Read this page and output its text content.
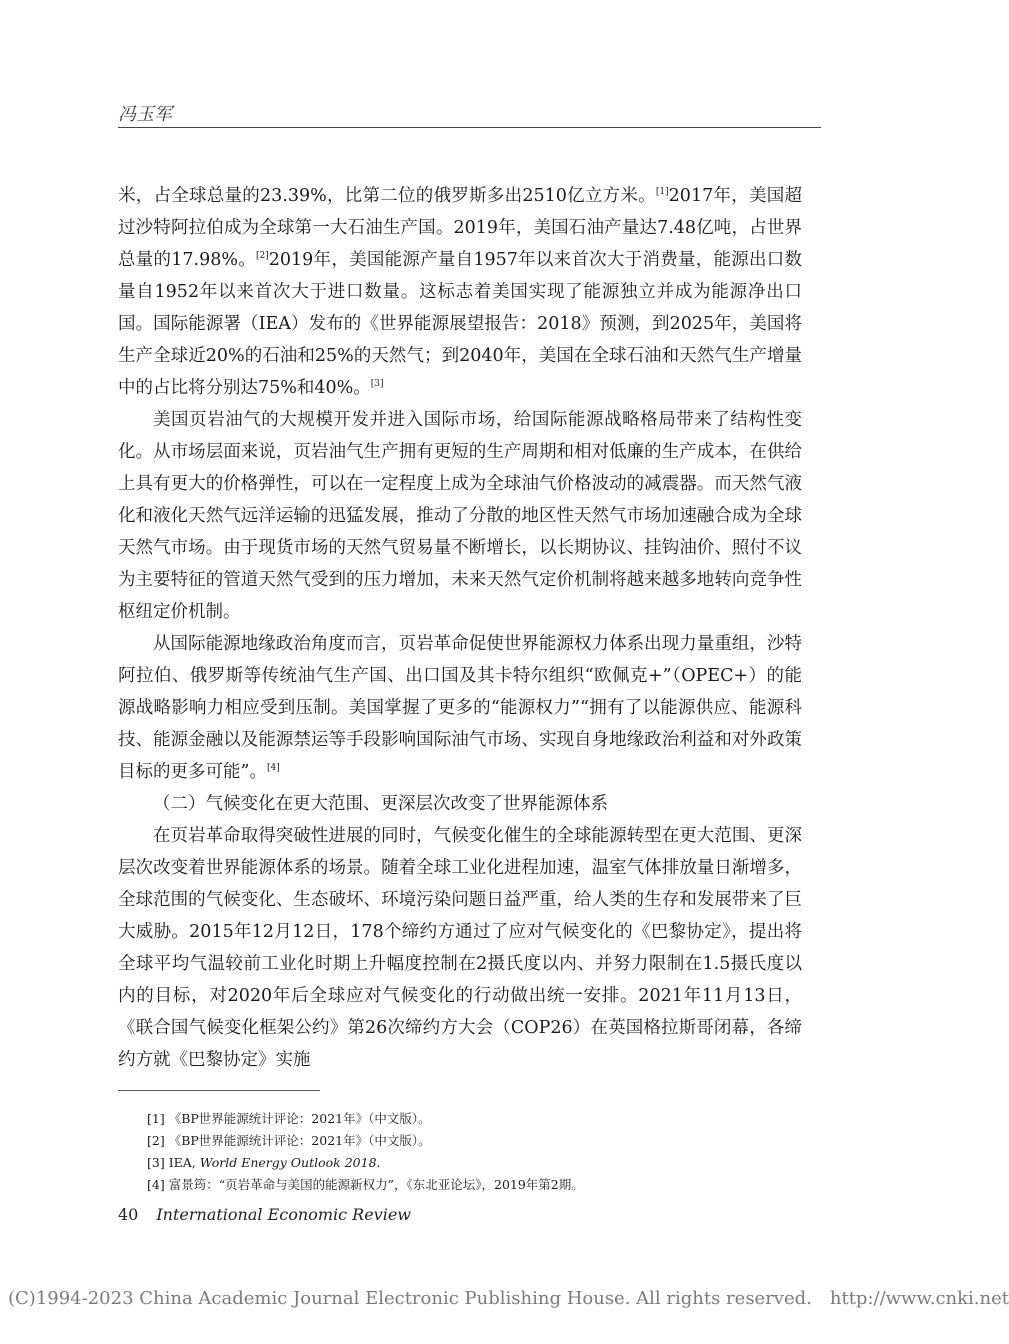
冯玉军

米，占全球总量的23.39%，比第二位的俄罗斯多出2510亿立方米。[1]2017年，美国超过沙特阿拉伯成为全球第一大石油生产国。2019年，美国石油产量达7.48亿吨，占世界总量的17.98%。[2]2019年，美国能源产量自1957年以来首次大于消费量，能源出口数量自1952年以来首次大于进口数量。这标志着美国实现了能源独立并成为能源净出口国。国际能源署（IEA）发布的《世界能源展望报告：2018》预测，到2025年，美国将生产全球近20%的石油和25%的天然气；到2040年，美国在全球石油和天然气生产增量中的占比将分别达75%和40%。[3]

美国页岩油气的大规模开发并进入国际市场，给国际能源战略格局带来了结构性变化。从市场层面来说，页岩油气生产拥有更短的生产周期和相对低廉的生产成本，在供给上具有更大的价格弹性，可以在一定程度上成为全球油气价格波动的减震器。而天然气液化和液化天然气远洋运输的迅猛发展，推动了分散的地区性天然气市场加速融合成为全球天然气市场。由于现货市场的天然气贸易量不断增长，以长期协议、挂钩油价、照付不议为主要特征的管道天然气受到的压力增加，未来天然气定价机制将越来越多地转向竞争性枢纽定价机制。

从国际能源地缘政治角度而言，页岩革命促使世界能源权力体系出现力量重组，沙特阿拉伯、俄罗斯等传统油气生产国、出口国及其卡特尔组织“欧佩克+”（OPEC+）的能源战略影响力相应受到压制。美国掌握了更多的“能源权力”“拥有了以能源供应、能源科技、能源金融以及能源禁运等手段影响国际油气市场、实现自身地缘政治利益和对外政策目标的更多可能”。[4]

（二）气候变化在更大范围、更深层次改变了世界能源体系

在页岩革命取得突破性进展的同时，气候变化催生的全球能源转型在更大范围、更深层次改变着世界能源体系的场景。随着全球工业化进程加速，温室气体排放量日渐增多，全球范围的气候变化、生态破坏、环境污染问题日益严重，给人类的生存和发展带来了巨大威胁。2015年12月12日，178个缔约方通过了应对气候变化的《巴黎协定》，提出将全球平均气温较前工业化时期上升幅度控制在2摄氏度以内、并努力限制在1.5摄氏度以内的目标，对2020年后全球应对气候变化的行动做出统一安排。2021年11月13日，《联合国气候变化框架公约》第26次缔约方大会（COP26）在英国格拉斯哥闭幕，各缔约方就《巴黎协定》实施

[1] 《BP世界能源统计评论：2021年》（中文版）。
[2] 《BP世界能源统计评论：2021年》（中文版）。
[3] IEA, World Energy Outlook 2018.
[4] 富景筠：“页岩革命与美国的能源新权力”，《东北亚论坛》，2019年第2期。
40 International Economic Review
(C)1994-2023 China Academic Journal Electronic Publishing House. All rights reserved. http://www.cnki.net
